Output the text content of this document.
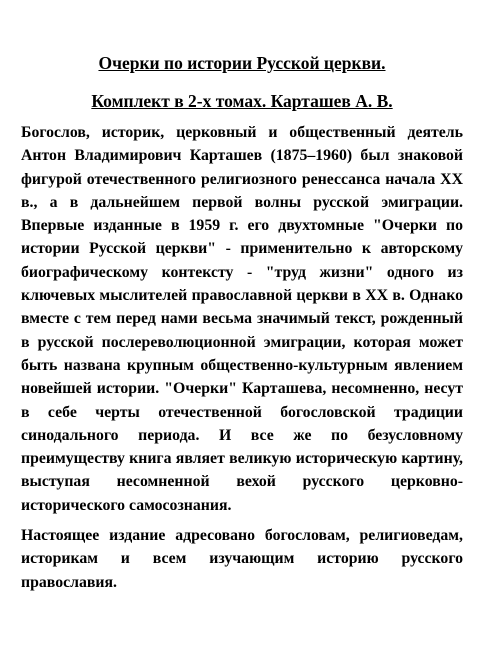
Очерки по истории Русской церкви.

Комплект в 2-х томах. Карташев А. В.

Богослов, историк, церковный и общественный деятель Антон Владимирович Карташев (1875–1960) был знаковой фигурой отечественного религиозного ренессанса начала XX в., а в дальнейшем первой волны русской эмиграции. Впервые изданные в 1959 г. его двухтомные "Очерки по истории Русской церкви" - применительно к авторскому биографическому контексту - "труд жизни" одного из ключевых мыслителей православной церкви в XX в. Однако вместе с тем перед нами весьма значимый текст, рожденный в русской послереволюционной эмиграции, которая может быть названа крупным общественно-культурным явлением новейшей истории. "Очерки" Карташева, несомненно, несут в себе черты отечественной богословской традиции синодального периода. И все же по безусловному преимуществу книга являет великую историческую картину, выступая несомненной вехой русского церковно-исторического самосознания.

Настоящее издание адресовано богословам, религиоведам, историкам и всем изучающим историю русского православия.
